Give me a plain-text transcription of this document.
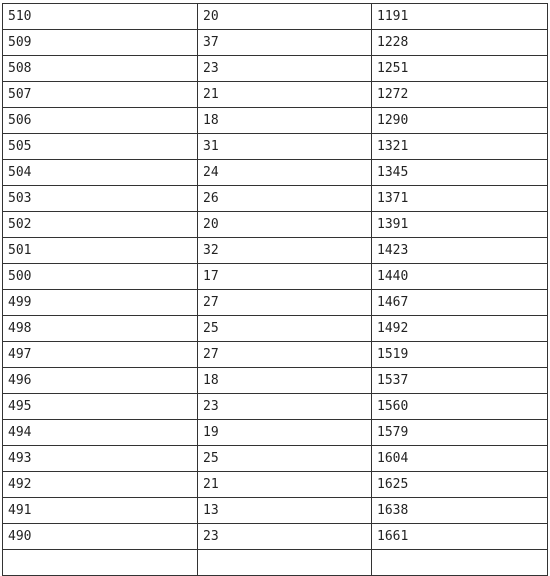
510	20	1191
509	37	1228
508	23	1251
507	21	1272
506	18	1290
505	31	1321
504	24	1345
503	26	1371
502	20	1391
501	32	1423
500	17	1440
499	27	1467
498	25	1492
497	27	1519
496	18	1537
495	23	1560
494	19	1579
493	25	1604
492	21	1625
491	13	1638
490	23	1661
